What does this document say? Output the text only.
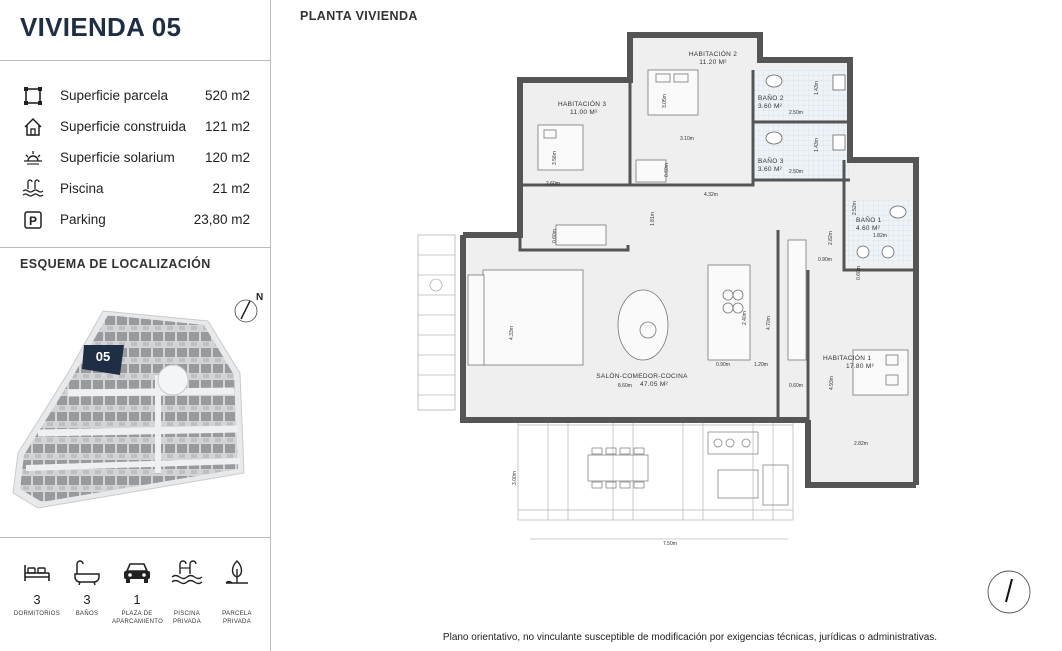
VIVIENDA 05
Superficie parcela	520 m2
Superficie construida	121 m2
Superficie solarium	120 m2
Piscina	21 m2
P Parking	23,80 m2
ESQUEMA DE LOCALIZACIÓN
05
N
3
DORMITORIOS
3
BAÑOS
1
PLAZA DE APARCAMIENTO
PISCINA PRIVADA
PARCELA PRIVADA
PLANTA VIVIENDA
HABITACIÓN 2
11.20 M²
HABITACIÓN 3
11.00 M²
BAÑO 2
3.60 M²
BAÑO 3
3.60 M²
BAÑO 1
4.60 M²
SALÓN-COMEDOR-COCINA
47.05 M²
HABITACIÓN 1
17.80 M²
3.05m
3.10m
2.50m
2.50m
1.43m
1.43m
3.56m
2.60m
4.32m
0.60m
1.81m
0.60m	2.82m	1.82m
2.52m
0.90m
0.60m
4.33m
2.40m	4.70m
0.90m	1.20m
8.60m	0.60m	4.93m
2.82m
3.00m
7.50m
Plano orientativo, no vinculante susceptible de modificación por exigencias técnicas, jurídicas o administrativas.
